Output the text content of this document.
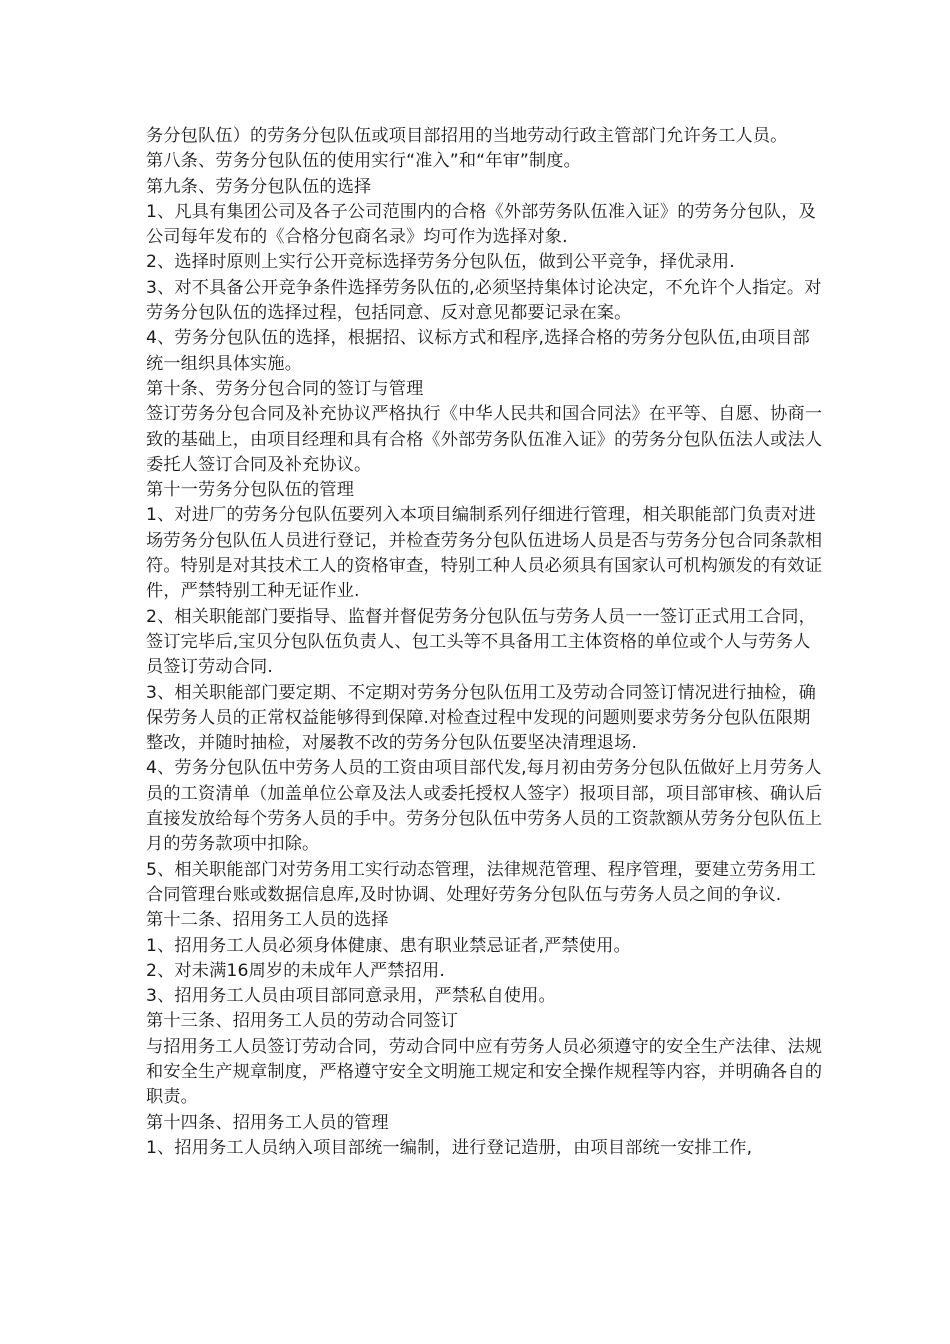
务分包队伍）的劳务分包队伍或项目部招用的当地劳动行政主管部门允许务工人员。

第八条、劳务分包队伍的使用实行“准入”和“年审”制度。

第九条、劳务分包队伍的选择

1、凡具有集团公司及各子公司范围内的合格《外部劳务队伍准入证》的劳务分包队，及公司每年发布的《合格分包商名录》均可作为选择对象.

2、选择时原则上实行公开竞标选择劳务分包队伍，做到公平竞争，择优录用.

3、对不具备公开竞争条件选择劳务队伍的,必须坚持集体讨论决定，不允许个人指定。对劳务分包队伍的选择过程，包括同意、反对意见都要记录在案。

4、劳务分包队伍的选择，根据招、议标方式和程序,选择合格的劳务分包队伍,由项目部统一组织具体实施。

第十条、劳务分包合同的签订与管理

签订劳务分包合同及补充协议严格执行《中华人民共和国合同法》在平等、自愿、协商一致的基础上，由项目经理和具有合格《外部劳务队伍准入证》的劳务分包队伍法人或法人委托人签订合同及补充协议。

第十一劳务分包队伍的管理

1、对进厂的劳务分包队伍要列入本项目编制系列仔细进行管理，相关职能部门负责对进场劳务分包队伍人员进行登记，并检查劳务分包队伍进场人员是否与劳务分包合同条款相符。特别是对其技术工人的资格审查，特别工种人员必须具有国家认可机构颁发的有效证件，严禁特别工种无证作业.

2、相关职能部门要指导、监督并督促劳务分包队伍与劳务人员一一签订正式用工合同，签订完毕后,宝贝分包队伍负责人、包工头等不具备用工主体资格的单位或个人与劳务人员签订劳动合同.

3、相关职能部门要定期、不定期对劳务分包队伍用工及劳动合同签订情况进行抽检，确保劳务人员的正常权益能够得到保障.对检查过程中发现的问题则要求劳务分包队伍限期整改，并随时抽检，对屡教不改的劳务分包队伍要坚决清理退场.

4、劳务分包队伍中劳务人员的工资由项目部代发,每月初由劳务分包队伍做好上月劳务人员的工资清单（加盖单位公章及法人或委托授权人签字）报项目部，项目部审核、确认后直接发放给每个劳务人员的手中。劳务分包队伍中劳务人员的工资款额从劳务分包队伍上月的劳务款项中扣除。

5、相关职能部门对劳务用工实行动态管理，法律规范管理、程序管理，要建立劳务用工合同管理台账或数据信息库,及时协调、处理好劳务分包队伍与劳务人员之间的争议.

第十二条、招用务工人员的选择

1、招用务工人员必须身体健康、患有职业禁忌证者,严禁使用。

2、对未满16周岁的未成年人严禁招用.

3、招用务工人员由项目部同意录用，严禁私自使用。

第十三条、招用务工人员的劳动合同签订

与招用务工人员签订劳动合同，劳动合同中应有劳务人员必须遵守的安全生产法律、法规和安全生产规章制度，严格遵守安全文明施工规定和安全操作规程等内容，并明确各自的职责。

第十四条、招用务工人员的管理

1、招用务工人员纳入项目部统一编制，进行登记造册，由项目部统一安排工作,
